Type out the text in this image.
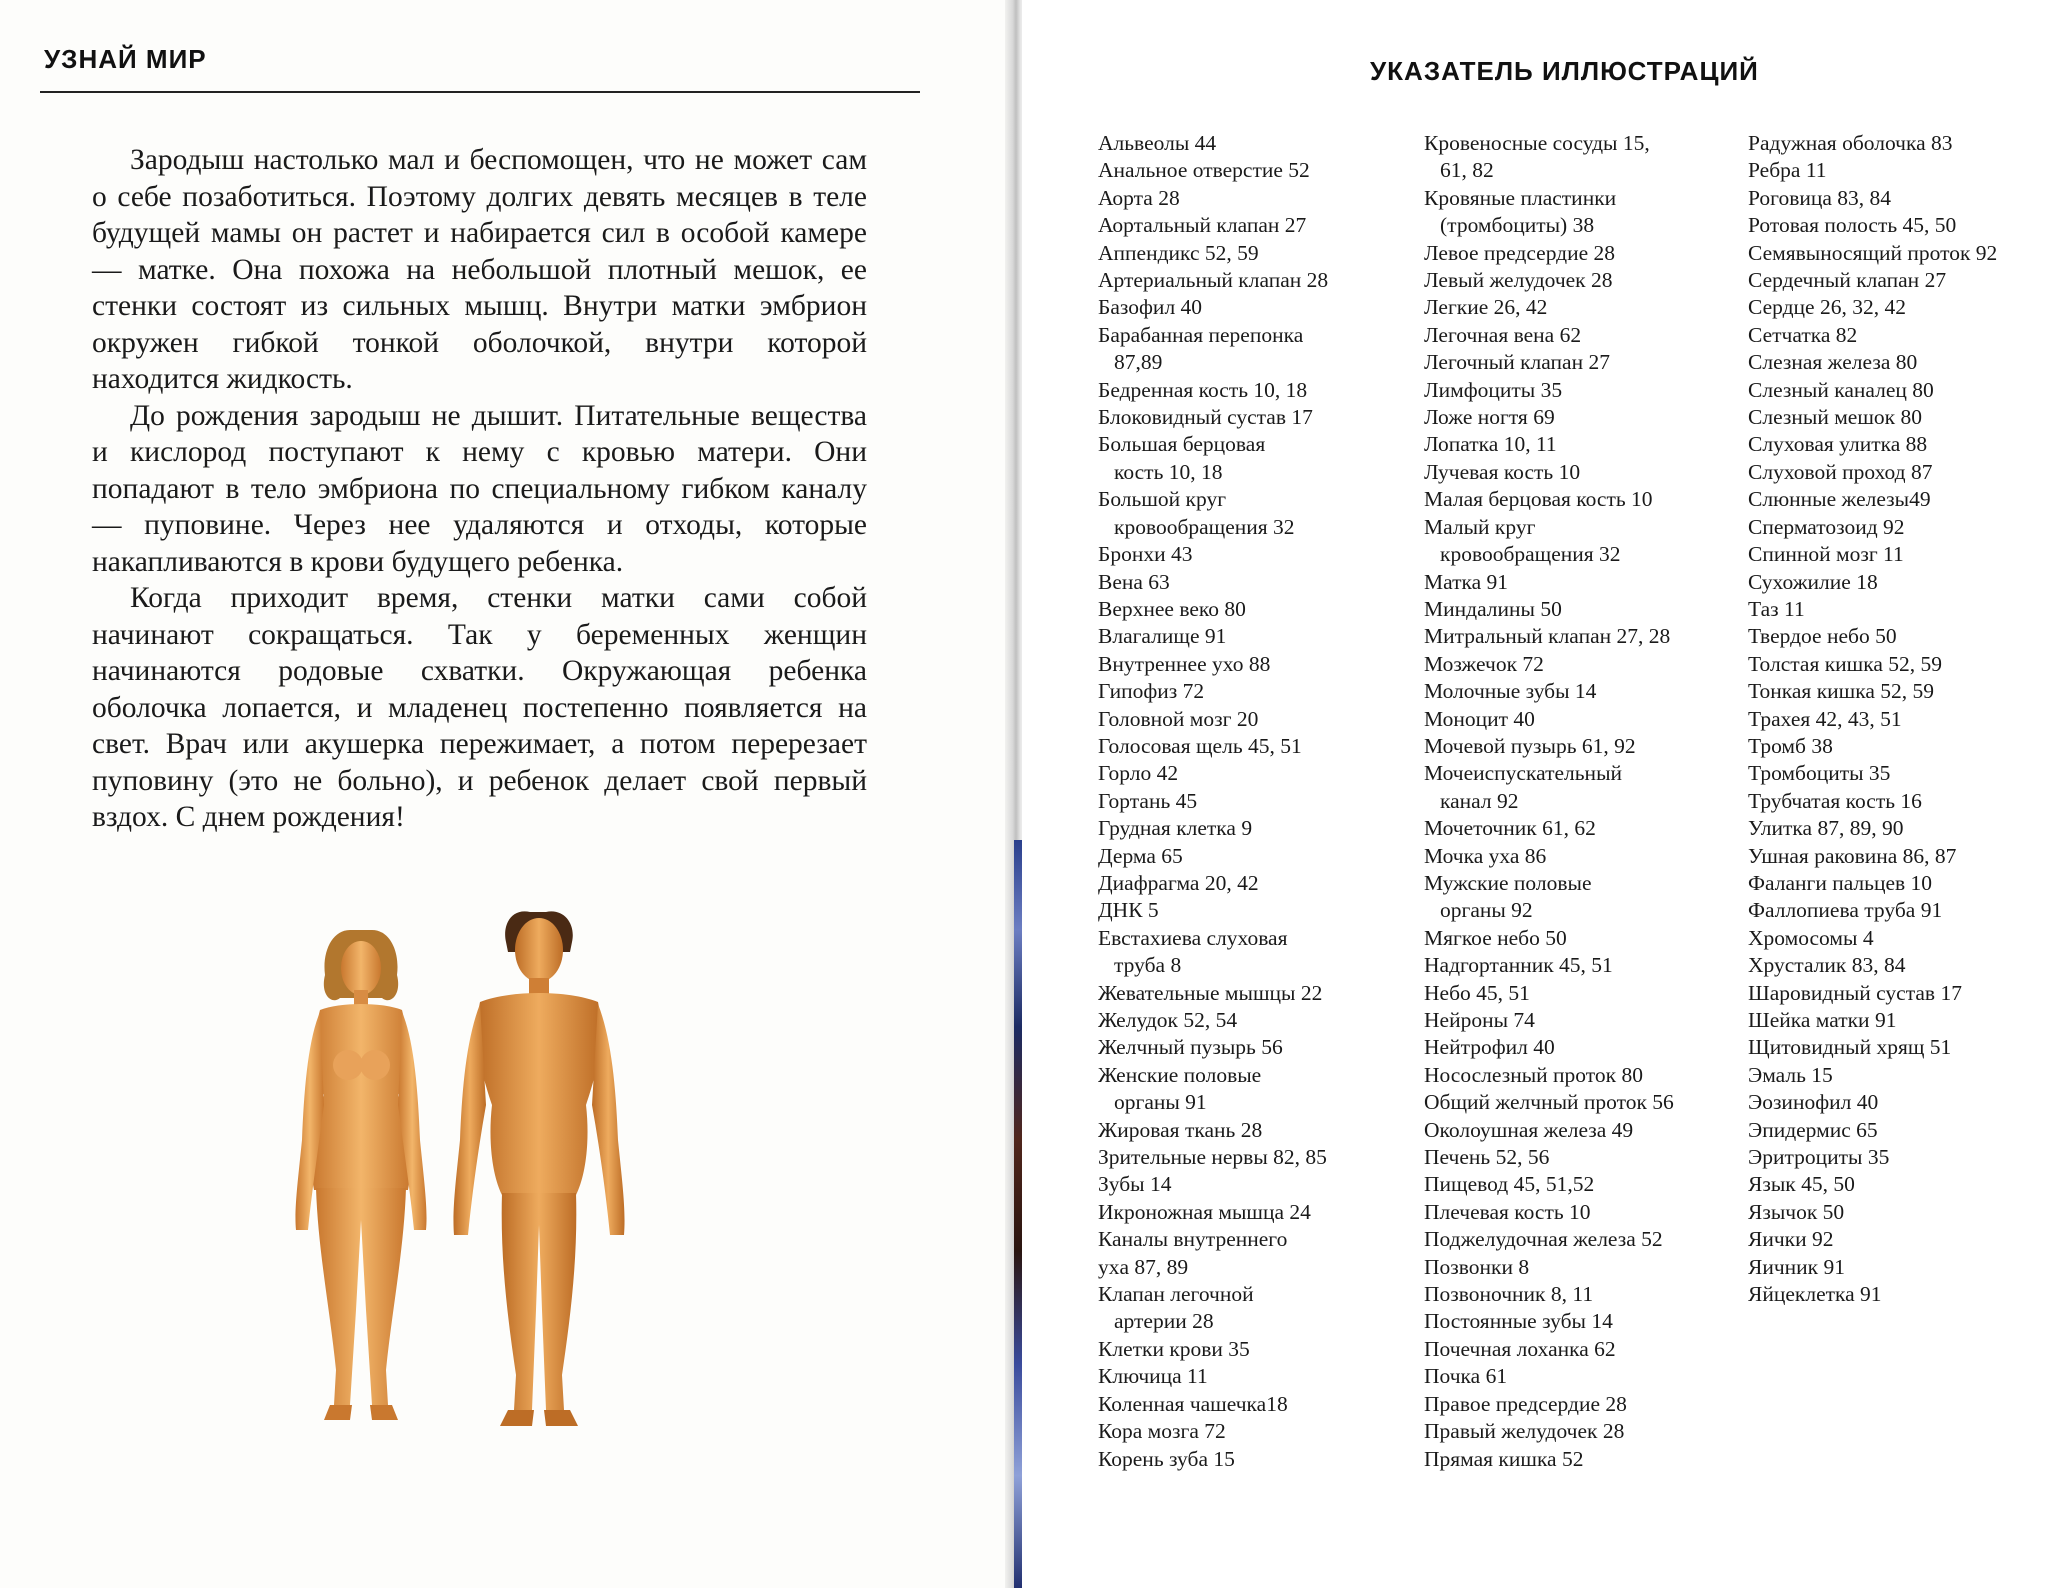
УЗНАЙ МИР

Зародыш настолько мал и беспомощен, что не может сам о себе позаботиться. Поэтому долгих девять месяцев в теле будущей мамы он растет и набирается сил в особой камере — матке. Она похожа на небольшой плотный мешок, ее стенки состоят из сильных мышц. Внутри матки эмбрион окружен гибкой тонкой оболочкой, внутри которой находится жидкость.

До рождения зародыш не дышит. Питательные вещества и кислород поступают к нему с кровью матери. Они попадают в тело эмбриона по специальному гибком каналу — пуповине. Через нее удаляются и отходы, которые накапливаются в крови будущего ребенка.

Когда приходит время, стенки матки сами собой начинают сокращаться. Так у беременных женщин начинаются родовые схватки. Окружающая ребенка оболочка лопается, и младенец постепенно появляется на свет. Врач или акушерка пережимает, а потом перерезает пуповину (это не больно), и ребенок делает свой первый вздох. С днем рождения!

УКАЗАТЕЛЬ ИЛЛЮСТРАЦИЙ
Альвеолы 44
Анальное отверстие 52
Аорта 28
Аортальный клапан 27
Аппендикс 52, 59
Артериальный клапан 28
Базофил 40
Барабанная перепонка
87,89
Бедренная кость 10, 18
Блоковидный сустав 17
Большая берцовая
кость 10, 18
Большой круг
кровообращения 32
Бронхи 43
Вена 63
Верхнее веко 80
Влагалище 91
Внутреннее ухо 88
Гипофиз 72
Головной мозг 20
Голосовая щель 45, 51
Горло 42
Гортань 45
Грудная клетка 9
Дерма 65
Диафрагма 20, 42
ДНК 5
Евстахиева слуховая
труба 8
Жевательные мышцы 22
Желудок 52, 54
Желчный пузырь 56
Женские половые
органы 91
Жировая ткань 28
Зрительные нервы 82, 85
Зубы 14
Икроножная мышца 24
Каналы внутреннего
ухa 87, 89
Клапан легочной
артерии 28
Клетки крови 35
Ключица 11
Коленная чашечка18
Кора мозга 72
Корень зуба 15
Кровеносные сосуды 15,
61, 82
Кровяные пластинки
(тромбоциты) 38
Левое предсердие 28
Левый желудочек 28
Легкие 26, 42
Легочная вена 62
Легочный клапан 27
Лимфоциты 35
Ложе ногтя 69
Лопатка 10, 11
Лучевая кость 10
Малая берцовая кость 10
Малый круг
кровообращения 32
Матка 91
Миндалины 50
Митральный клапан 27, 28
Мозжечок 72
Молочные зубы 14
Моноцит 40
Мочевой пузырь 61, 92
Мочеиспускательный
канал 92
Мочеточник 61, 62
Мочка уха 86
Мужские половые
органы 92
Мягкое небо 50
Надгортанник 45, 51
Небо 45, 51
Нейроны 74
Нейтрофил 40
Носослезный проток 80
Общий желчный проток 56
Околоушная железа 49
Печень 52, 56
Пищевод 45, 51,52
Плечевая кость 10
Поджелудочная железа 52
Позвонки 8
Позвоночник 8, 11
Постоянные зубы 14
Почечная лоханка 62
Почка 61
Правое предсердие 28
Правый желудочек 28
Прямая кишка 52
Радужная оболочка 83
Ребра 11
Роговица 83, 84
Ротовая полость 45, 50
Семявыносящий проток 92
Сердечный клапан 27
Сердце 26, 32, 42
Сетчатка 82
Слезная железа 80
Слезный каналец 80
Слезный мешок 80
Слуховая улитка 88
Слуховой проход 87
Слюнные железы49
Сперматозоид 92
Спинной мозг 11
Сухожилие 18
Таз 11
Твердое небо 50
Толстая кишка 52, 59
Тонкая кишка 52, 59
Трахея 42, 43, 51
Тромб 38
Тромбоциты 35
Трубчатая кость 16
Улитка 87, 89, 90
Ушная раковина 86, 87
Фаланги пальцев 10
Фаллопиева труба 91
Хромосомы 4
Хрусталик 83, 84
Шаровидный сустав 17
Шейка матки 91
Щитовидный хрящ 51
Эмаль 15
Эозинофил 40
Эпидермис 65
Эритроциты 35
Язык 45, 50
Язычок 50
Яички 92
Яичник 91
Яйцеклетка 91
